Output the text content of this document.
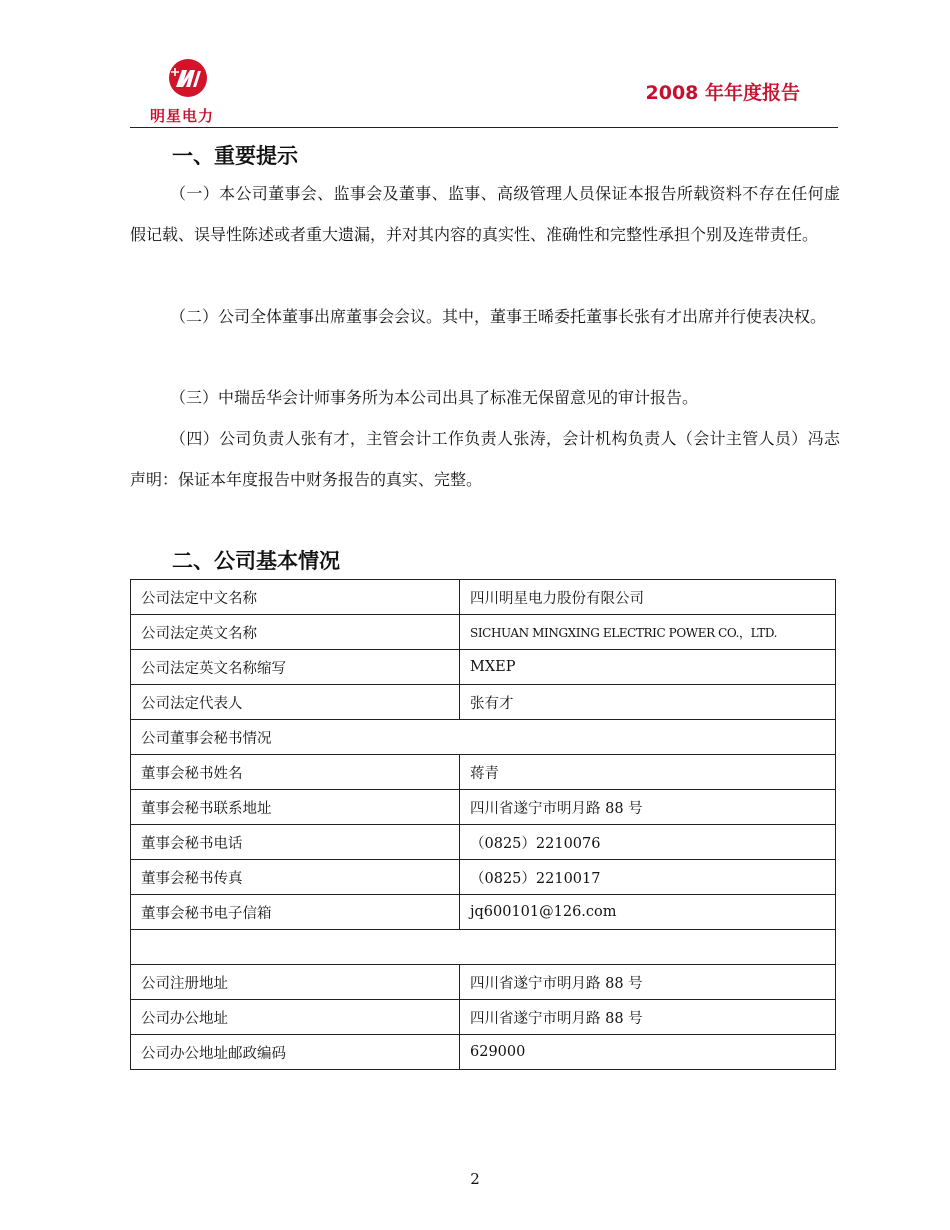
明星电力
2008 年年度报告
一、重要提示

（一）本公司董事会、监事会及董事、监事、高级管理人员保证本报告所载资料不存在任何虚假记载、误导性陈述或者重大遗漏，并对其内容的真实性、准确性和完整性承担个别及连带责任。

（二）公司全体董事出席董事会会议。其中，董事王晞委托董事长张有才出席并行使表决权。

（三）中瑞岳华会计师事务所为本公司出具了标准无保留意见的审计报告。

（四）公司负责人张有才，主管会计工作负责人张涛，会计机构负责人（会计主管人员）冯志声明：保证本年度报告中财务报告的真实、完整。

二、公司基本情况
公司法定中文名称	四川明星电力股份有限公司
公司法定英文名称	SICHUAN MINGXING ELECTRIC POWER CO.，LTD.
公司法定英文名称缩写	MXEP
公司法定代表人	张有才
公司董事会秘书情况	
董事会秘书姓名	蒋青
董事会秘书联系地址	四川省遂宁市明月路 88 号
董事会秘书电话	（0825）2210076
董事会秘书传真	（0825）2210017
董事会秘书电子信箱	jq600101@126.com

公司注册地址	四川省遂宁市明月路 88 号
公司办公地址	四川省遂宁市明月路 88 号
公司办公地址邮政编码	629000
2
